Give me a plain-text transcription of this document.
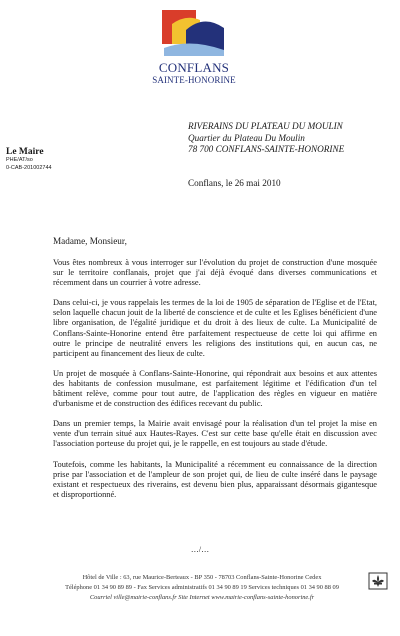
CONFLANS
SAINTE-HONORINE
RIVERAINS DU PLATEAU DU MOULIN
Quartier du Plateau Du Moulin
78 700 CONFLANS-SAINTE-HONORINE
Le Maire
PHE/AT/so
0-CAB-201002744
Conflans, le 26 mai 2010
Madame, Monsieur,

Vous êtes nombreux à vous interroger sur l'évolution du projet de construction d'une mosquée sur le territoire conflanais, projet que j'ai déjà évoqué dans diverses communications et récemment dans un courrier à votre adresse.

Dans celui-ci, je vous rappelais les termes de la loi de 1905 de séparation de l'Eglise et de l'Etat, selon laquelle chacun jouit de la liberté de conscience et de culte et les Eglises bénéficient d'une libre organisation, de l'égalité juridique et du droit à des lieux de culte. La Municipalité de Conflans-Sainte-Honorine entend être parfaitement respectueuse de cette loi qui affirme en outre le principe de neutralité envers les religions des institutions qui, en aucun cas, ne participent au financement des lieux de culte.

Un projet de mosquée à Conflans-Sainte-Honorine, qui répondrait aux besoins et aux attentes des habitants de confession musulmane, est parfaitement légitime et l'édification d'un tel bâtiment relève, comme pour tout autre, de l'application des règles en vigueur en matière d'urbanisme et de construction des édifices recevant du public.

Dans un premier temps, la Mairie avait envisagé pour la réalisation d'un tel projet la mise en vente d'un terrain situé aux Hautes-Rayes. C'est sur cette base qu'elle était en discussion avec l'association porteuse du projet qui, je le rappelle, en est toujours au stade d'étude.

Toutefois, comme les habitants, la Municipalité a récemment eu connaissance de la direction prise par l'association et de l'ampleur de son projet qui, de lieu de culte inséré dans le paysage existant et respectueux des riverains, est devenu bien plus, apparaissant désormais gigantesque et disproportionné.

…/…
Hôtel de Ville : 63, rue Maurice-Berteaux - BP 350 - 78703 Conflans-Sainte-Honorine Cedex
Téléphone 01 34 90 89 89 - Fax Services administratifs 01 34 90 89 19 Services techniques 01 34 90 88 09
Courriel ville@mairie-conflans.fr Site Internet www.mairie-conflans-sainte-honorine.fr
